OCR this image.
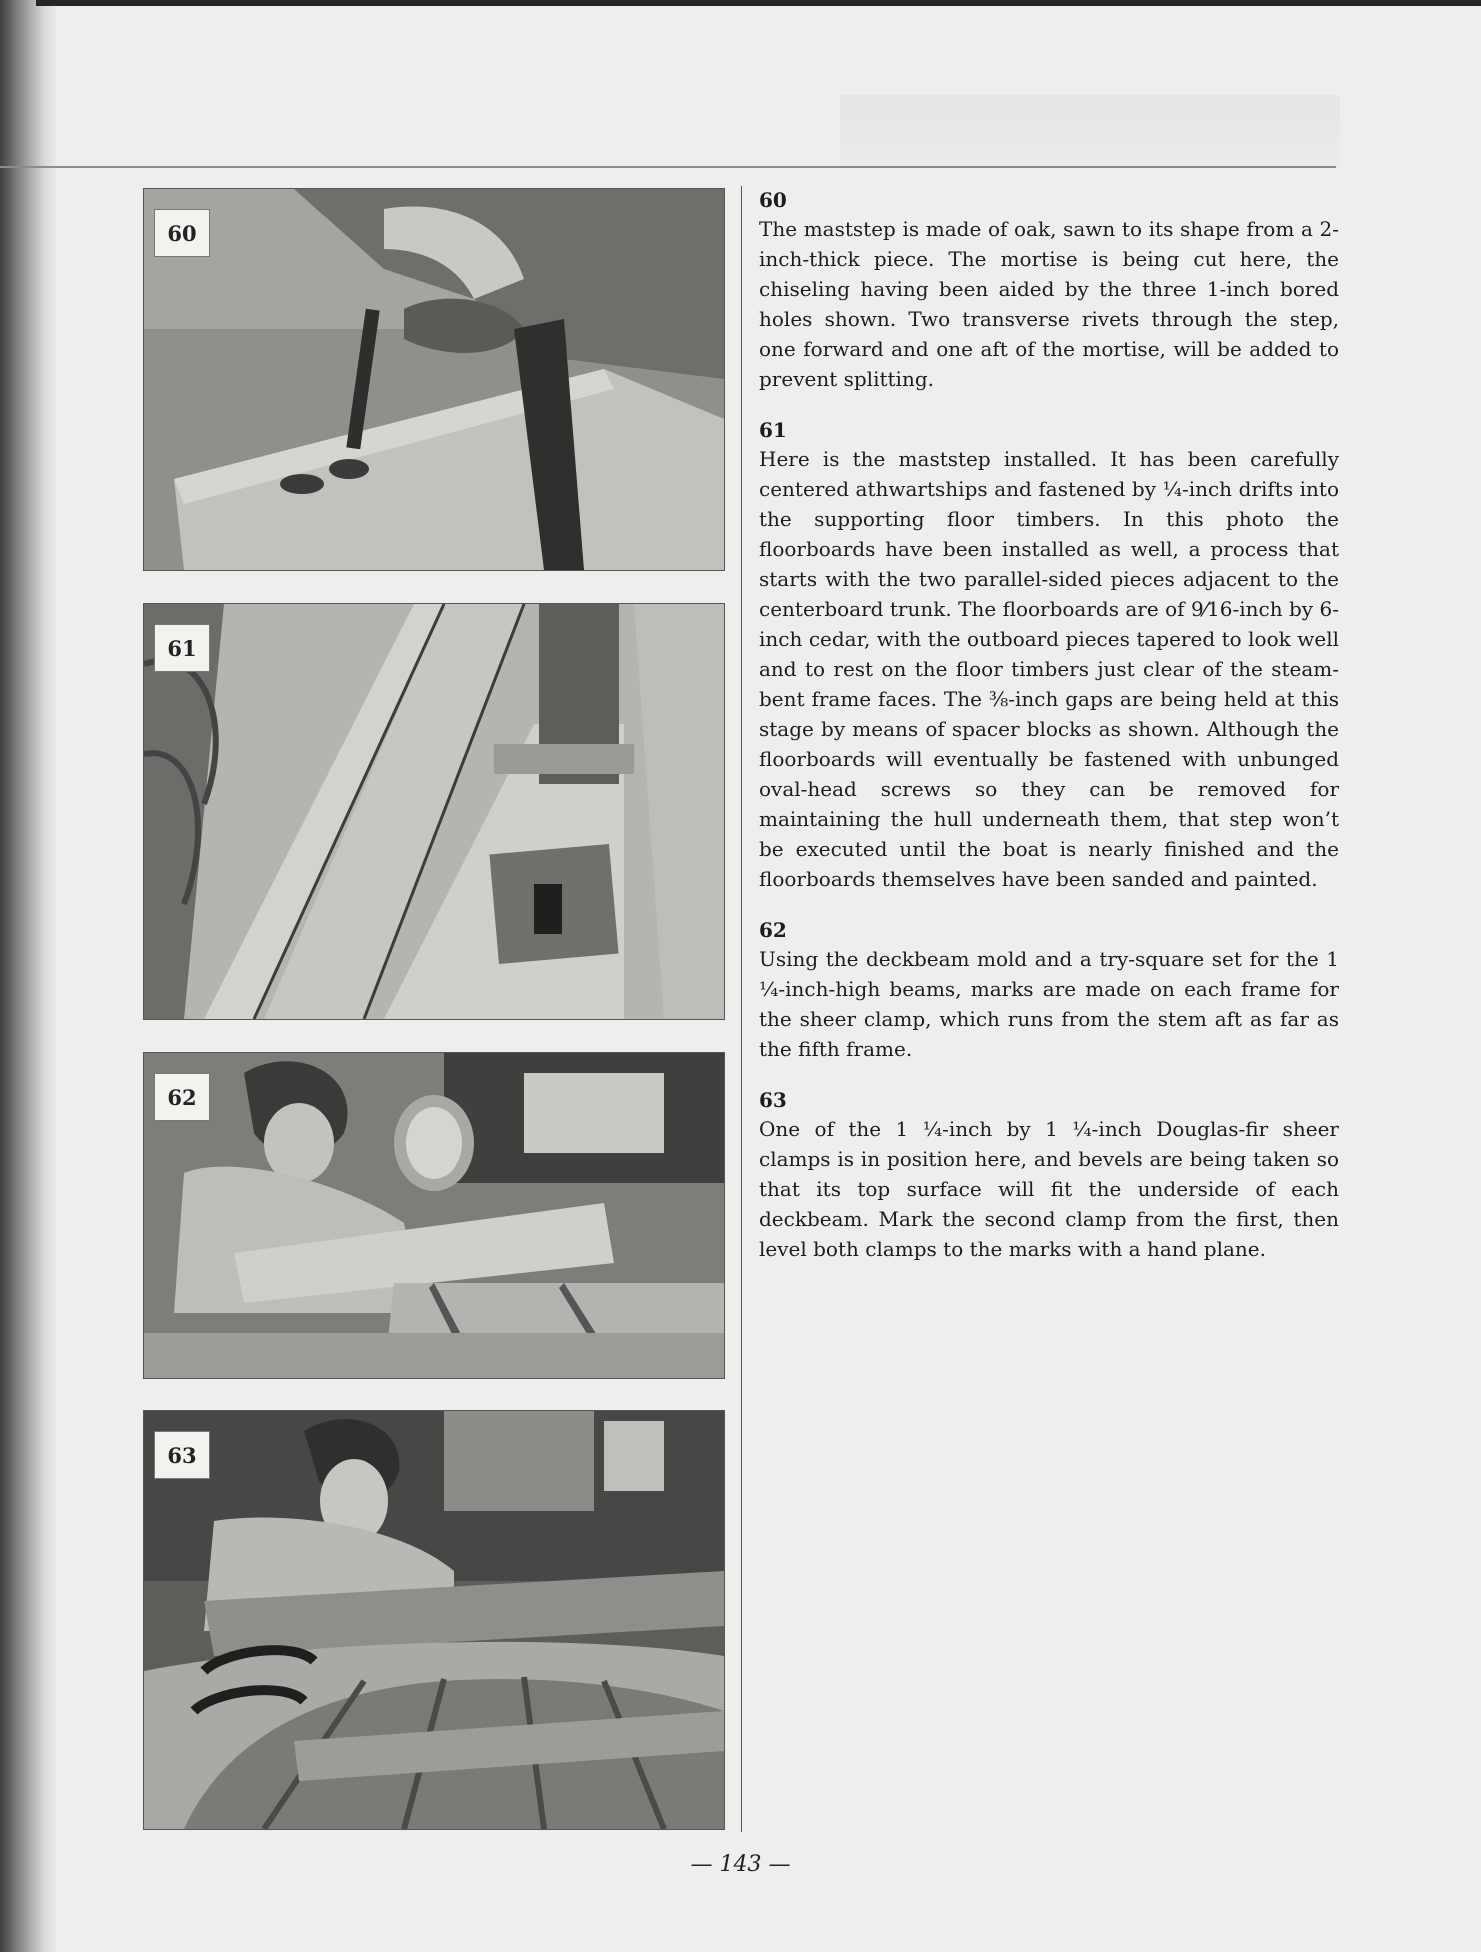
60
61
62
63
60
The maststep is made of oak, sawn to its shape from a 2-inch-thick piece. The mortise is being cut here, the chiseling having been aided by the three 1-inch bored holes shown. Two transverse rivets through the step, one forward and one aft of the mortise, will be added to prevent splitting.
61
Here is the maststep installed. It has been carefully centered athwartships and fastened by ¼-inch drifts into the supporting floor timbers. In this photo the floorboards have been installed as well, a process that starts with the two parallel-sided pieces adjacent to the centerboard trunk. The floorboards are of 9⁄16-inch by 6-inch cedar, with the outboard pieces tapered to look well and to rest on the floor timbers just clear of the steam-bent frame faces. The ⅜-inch gaps are being held at this stage by means of spacer blocks as shown. Although the floorboards will eventually be fastened with unbunged oval-head screws so they can be removed for maintaining the hull underneath them, that step won’t be executed until the boat is nearly finished and the floorboards themselves have been sanded and painted.
62
Using the deckbeam mold and a try-square set for the 1 ¼-inch-high beams, marks are made on each frame for the sheer clamp, which runs from the stem aft as far as the fifth frame.
63
One of the 1 ¼-inch by 1 ¼-inch Douglas-fir sheer clamps is in position here, and bevels are being taken so that its top surface will fit the underside of each deckbeam. Mark the second clamp from the first, then level both clamps to the marks with a hand plane.
— 143 —
